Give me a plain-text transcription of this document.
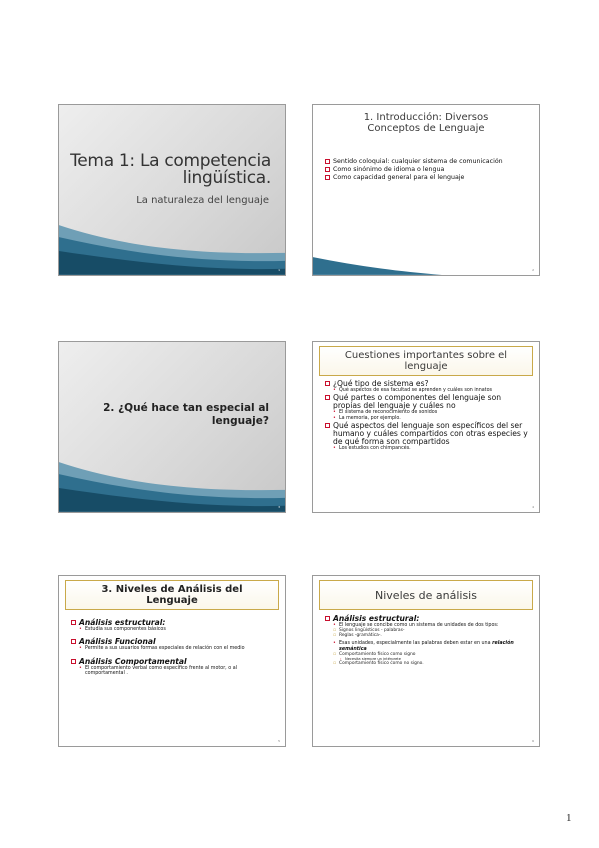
Tema 1: La competencia
lingüística.
La naturaleza del lenguaje
1
1. Introducción: Diversos
Conceptos de Lenguaje
Sentido coloquial: cualquier sistema de comunicación
Como sinónimo de idioma o lengua
Como capacidad general para el lenguaje
2
2. ¿Qué hace tan especial al
lenguaje?
3
Cuestiones importantes sobre el
lenguaje
¿Qué tipo de sistema es?
• Qué aspectos de esa facultad se aprenden y cuáles son innatos
Qué partes o componentes del lenguaje son propias del lenguaje y cuáles no
• El sistema de reconocimiento de sonidos
• La memoria, por ejemplo.
Qué aspectos del lenguaje son específicos del ser humano y cuáles compartidos con otras especies y de qué forma son compartidos
• Los estudios con chimpancés.
4
3. Niveles de Análisis del
Lenguaje
Análisis estructural:
• Estudia sus componentes básicos
Análisis Funcional
• Permite a sus usuarios formas especiales de relación con el medio
Análisis Comportamental
• El comportamiento verbal como específico frente al motor, o al comportamental .
5
Niveles de análisis
Análisis estructural:
• El lenguaje se concibe como un sistema de unidades de dos tipos:
▫ Signos lingüísticos - palabras-
▫ Reglas -gramática-.
• Esas unidades, especialmente las palabras deben estar en una relación semántica
▫ Comportamiento físico como signo
› Necesita siempre un intérprete
▫ Comportamiento físico como no signo.
6
1
